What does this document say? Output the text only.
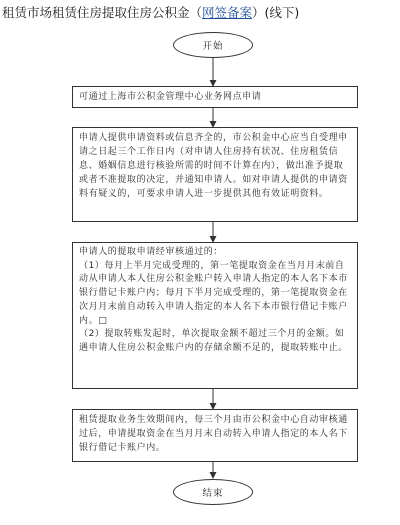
租赁市场租赁住房提取住房公积金（网签备案）(线下)
开始
可通过上海市公积金管理中心业务网点申请
申请人提供申请资料或信息齐全的，市公积金中心应当自受理申请之日起三个工作日内（对申请人住房持有状况、住房租赁信息、婚姻信息进行核验所需的时间不计算在内），做出准予提取或者不准提取的决定，并通知申请人。如对申请人提供的申请资料有疑义的，可要求申请人进一步提供其他有效证明资料。
申请人的提取申请经审核通过的：
（1）每月上半月完成受理的，第一笔提取资金在当月月末前自动从申请人本人住房公积金账户转入申请人指定的本人名下本市银行借记卡账户内；每月下半月完成受理的，第一笔提取资金在次月月末前自动转入申请人指定的本人名下本市银行借记卡账户内。□
（2）提取转账发起时，单次提取金额不超过三个月的金额。如遇申请人住房公积金账户内的存储余额不足的，提取转账中止。
租赁提取业务生效期间内，每三个月由市公积金中心自动审核通过后，申请提取资金在当月月末自动转入申请人指定的本人名下银行借记卡账户内。
结束
